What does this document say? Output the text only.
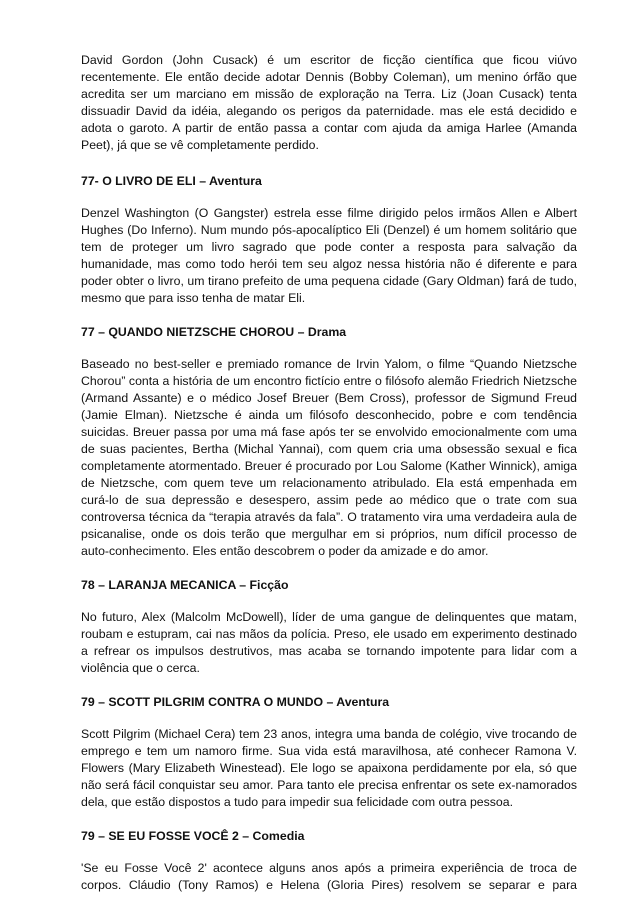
David Gordon (John Cusack) é um escritor de ficção científica que ficou viúvo recentemente. Ele então decide adotar Dennis (Bobby Coleman), um menino órfão que acredita ser um marciano em missão de exploração na Terra. Liz (Joan Cusack) tenta dissuadir David da idéia, alegando os perigos da paternidade. mas ele está decidido e adota o garoto. A partir de então passa a contar com ajuda da amiga Harlee (Amanda Peet), já que se vê completamente perdido.

77- O LIVRO DE ELI – Aventura

Denzel Washington (O Gangster) estrela esse filme dirigido pelos irmãos Allen e Albert Hughes (Do Inferno). Num mundo pós-apocalíptico Eli (Denzel) é um homem solitário que tem de proteger um livro sagrado que pode conter a resposta para salvação da humanidade, mas como todo herói tem seu algoz nessa história não é diferente e para poder obter o livro, um tirano prefeito de uma pequena cidade (Gary Oldman) fará de tudo, mesmo que para isso tenha de matar Eli.

77 – QUANDO NIETZSCHE CHOROU – Drama

Baseado no best-seller e premiado romance de Irvin Yalom, o filme “Quando Nietzsche Chorou” conta a história de um encontro fictício entre o filósofo alemão Friedrich Nietzsche (Armand Assante) e o médico Josef Breuer (Bem Cross), professor de Sigmund Freud (Jamie Elman). Nietzsche é ainda um filósofo desconhecido, pobre e com tendência suicidas. Breuer passa por uma má fase após ter se envolvido emocionalmente com uma de suas pacientes, Bertha (Michal Yannai), com quem cria uma obsessão sexual e fica completamente atormentado. Breuer é procurado por Lou Salome (Kather Winnick), amiga de Nietzsche, com quem teve um relacionamento atribulado. Ela está empenhada em curá-lo de sua depressão e desespero, assim pede ao médico que o trate com sua controversa técnica da “terapia através da fala”. O tratamento vira uma verdadeira aula de psicanalise, onde os dois terão que mergulhar em si próprios, num difícil processo de auto-conhecimento. Eles então descobrem o poder da amizade e do amor.

78 – LARANJA MECANICA – Ficção

No futuro, Alex (Malcolm McDowell), líder de uma gangue de delinquentes que matam, roubam e estupram, cai nas mãos da polícia. Preso, ele usado em experimento destinado a refrear os impulsos destrutivos, mas acaba se tornando impotente para lidar com a violência que o cerca.

79 – SCOTT PILGRIM CONTRA O MUNDO – Aventura

Scott Pilgrim (Michael Cera) tem 23 anos, integra uma banda de colégio, vive trocando de emprego e tem um namoro firme. Sua vida está maravilhosa, até conhecer Ramona V. Flowers (Mary Elizabeth Winestead). Ele logo se apaixona perdidamente por ela, só que não será fácil conquistar seu amor. Para tanto ele precisa enfrentar os sete ex-namorados dela, que estão dispostos a tudo para impedir sua felicidade com outra pessoa.

79 – SE EU FOSSE VOCÊ 2 – Comedia

'Se eu Fosse Você 2' acontece alguns anos após a primeira experiência de troca de corpos. Cláudio (Tony Ramos) e Helena (Gloria Pires) resolvem se separar e para
